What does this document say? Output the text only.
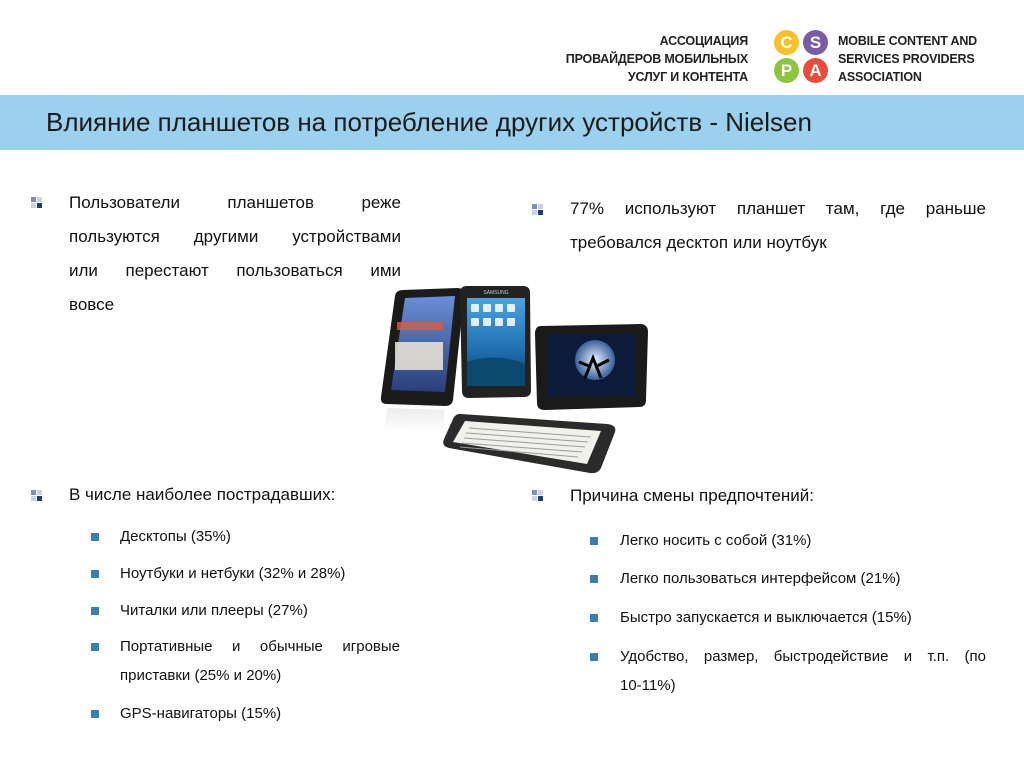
АССОЦИАЦИЯ
ПРОВАЙДЕРОВ МОБИЛЬНЫХ
УСЛУГ И КОНТЕНТА
C	S
P	A
MOBILE CONTENT AND
SERVICES PROVIDERS
ASSOCIATION
Влияние планшетов на потребление других устройств - Nielsen
Пользователи планшетов реже
пользуются другими устройствами
или перестают пользоваться ими
вовсе
77% используют планшет там, где раньше
требовался десктоп или ноутбук
SAMSUNG
В числе наиболее пострадавших:
Десктопы (35%)
Ноутбуки и нетбуки (32% и 28%)
Читалки или плееры (27%)
Портативные и обычные игровые
приставки (25% и 20%)
GPS-навигаторы (15%)
Причина смены предпочтений:
Легко носить с собой (31%)
Легко пользоваться интерфейсом (21%)
Быстро запускается и выключается (15%)
Удобство, размер, быстродействие и т.п. (по
10-11%)
